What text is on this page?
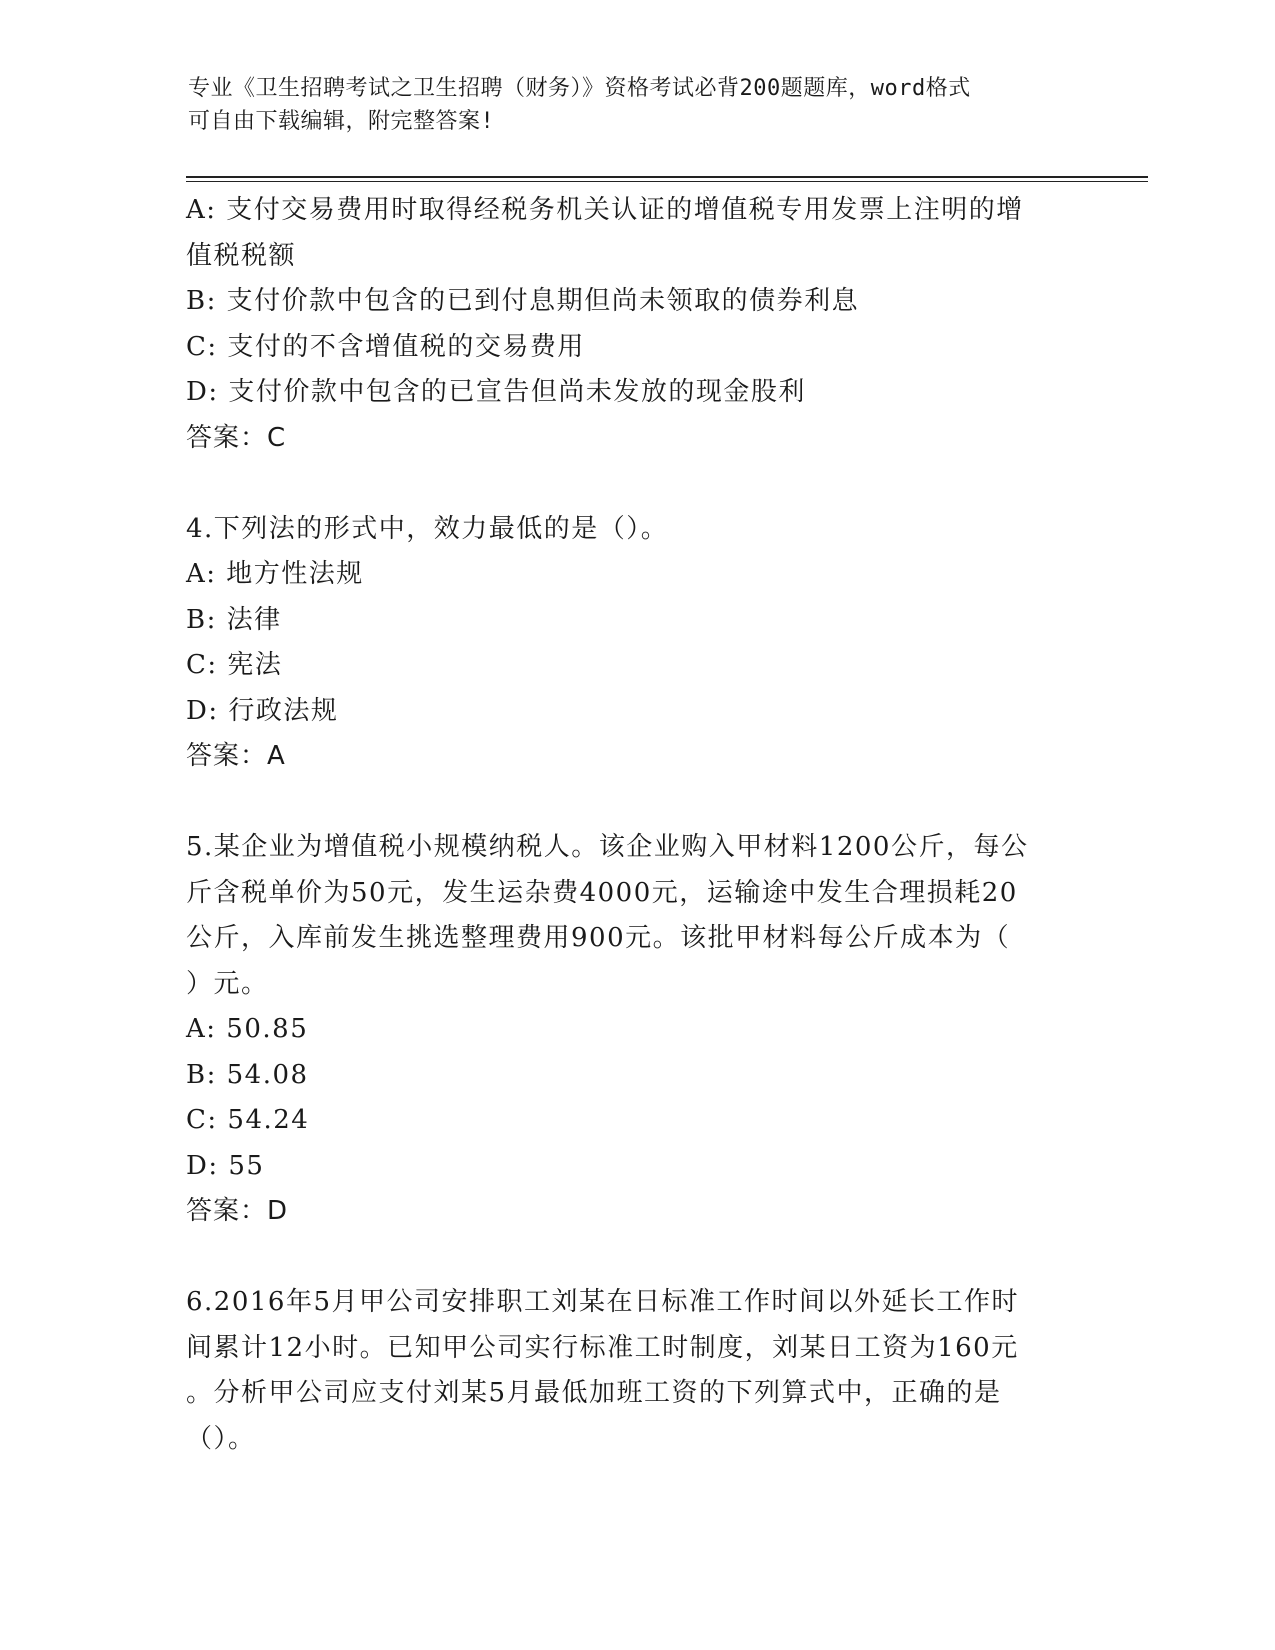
专业《卫生招聘考试之卫生招聘（财务）》资格考试必背200题题库，word格式
可自由下载编辑，附完整答案!
A: 支付交易费用时取得经税务机关认证的增值税专用发票上注明的增
值税税额
B: 支付价款中包含的已到付息期但尚未领取的债券利息
C: 支付的不含增值税的交易费用
D: 支付价款中包含的已宣告但尚未发放的现金股利
答案：C
4.下列法的形式中，效力最低的是（）。
A: 地方性法规
B: 法律
C: 宪法
D: 行政法规
答案：A
5.某企业为增值税小规模纳税人。该企业购入甲材料1200公斤，每公
斤含税单价为50元，发生运杂费4000元，运输途中发生合理损耗20
公斤，入库前发生挑选整理费用900元。该批甲材料每公斤成本为（
）元。
A: 50.85
B: 54.08
C: 54.24
D: 55
答案：D
6.2016年5月甲公司安排职工刘某在日标准工作时间以外延长工作时
间累计12小时。已知甲公司实行标准工时制度，刘某日工资为160元
。分析甲公司应支付刘某5月最低加班工资的下列算式中，正确的是
（）。
